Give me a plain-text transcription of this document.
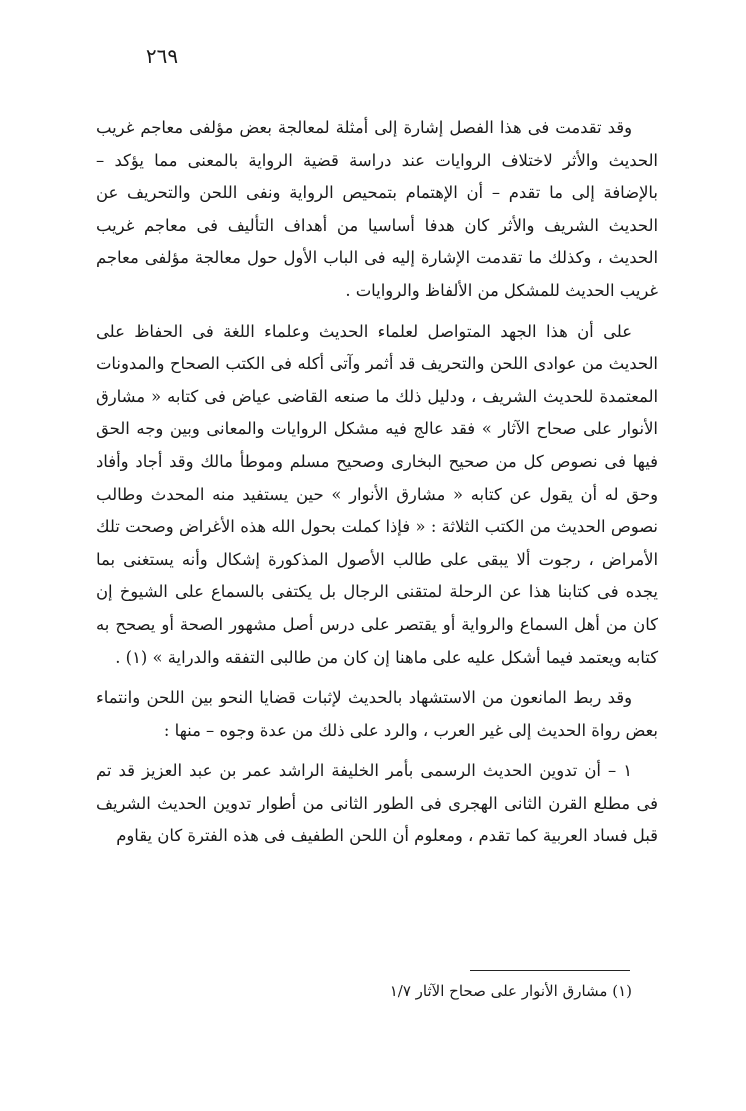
٢٦٩

وقد تقدمت فى هذا الفصل إشارة إلى أمثلة لمعالجة بعض مؤلفى معاجم غريب الحديث والأثر لاختلاف الروايات عند دراسة قضية الرواية بالمعنى مما يؤكد – بالإضافة إلى ما تقدم – أن الإهتمام بتمحيص الرواية ونفى اللحن والتحريف عن الحديث الشريف والأثر كان هدفا أساسيا من أهداف التأليف فى معاجم غريب الحديث ، وكذلك ما تقدمت الإشارة إليه فى الباب الأول حول معالجة مؤلفى معاجم غريب الحديث للمشكل من الألفاظ والروايات .

على أن هذا الجهد المتواصل لعلماء الحديث وعلماء اللغة فى الحفاظ على الحديث من عوادى اللحن والتحريف قد أثمر وآتى أكله فى الكتب الصحاح والمدونات المعتمدة للحديث الشريف ، ودليل ذلك ما صنعه القاضى عياض فى كتابه « مشارق الأنوار على صحاح الآثار » فقد عالج فيه مشكل الروايات والمعانى وبين وجه الحق فيها فى نصوص كل من صحيح البخارى وصحيح مسلم وموطأ مالك وقد أجاد وأفاد وحق له أن يقول عن كتابه « مشارق الأنوار » حين يستفيد منه المحدث وطالب نصوص الحديث من الكتب الثلاثة : « فإذا كملت بحول الله هذه الأغراض وصحت تلك الأمراض ، رجوت ألا يبقى على طالب الأصول المذكورة إشكال وأنه يستغنى بما يجده فى كتابنا هذا عن الرحلة لمتقنى الرجال بل يكتفى بالسماع على الشيوخ إن كان من أهل السماع والرواية أو يقتصر على درس أصل مشهور الصحة أو يصحح به كتابه ويعتمد فيما أشكل عليه على ماهنا إن كان من طالبى التفقه والدراية » (١) .

وقد ربط المانعون من الاستشهاد بالحديث لإثبات قضايا النحو بين اللحن وانتماء بعض رواة الحديث إلى غير العرب ، والرد على ذلك من عدة وجوه – منها :

١ – أن تدوين الحديث الرسمى بأمر الخليفة الراشد عمر بن عبد العزيز قد تم فى مطلع القرن الثانى الهجرى فى الطور الثانى من أطوار تدوين الحديث الشريف قبل فساد العربية كما تقدم ، ومعلوم أن اللحن الطفيف فى هذه الفترة كان يقاوم

(١) مشارق الأنوار على صحاح الآثار ١/٧
